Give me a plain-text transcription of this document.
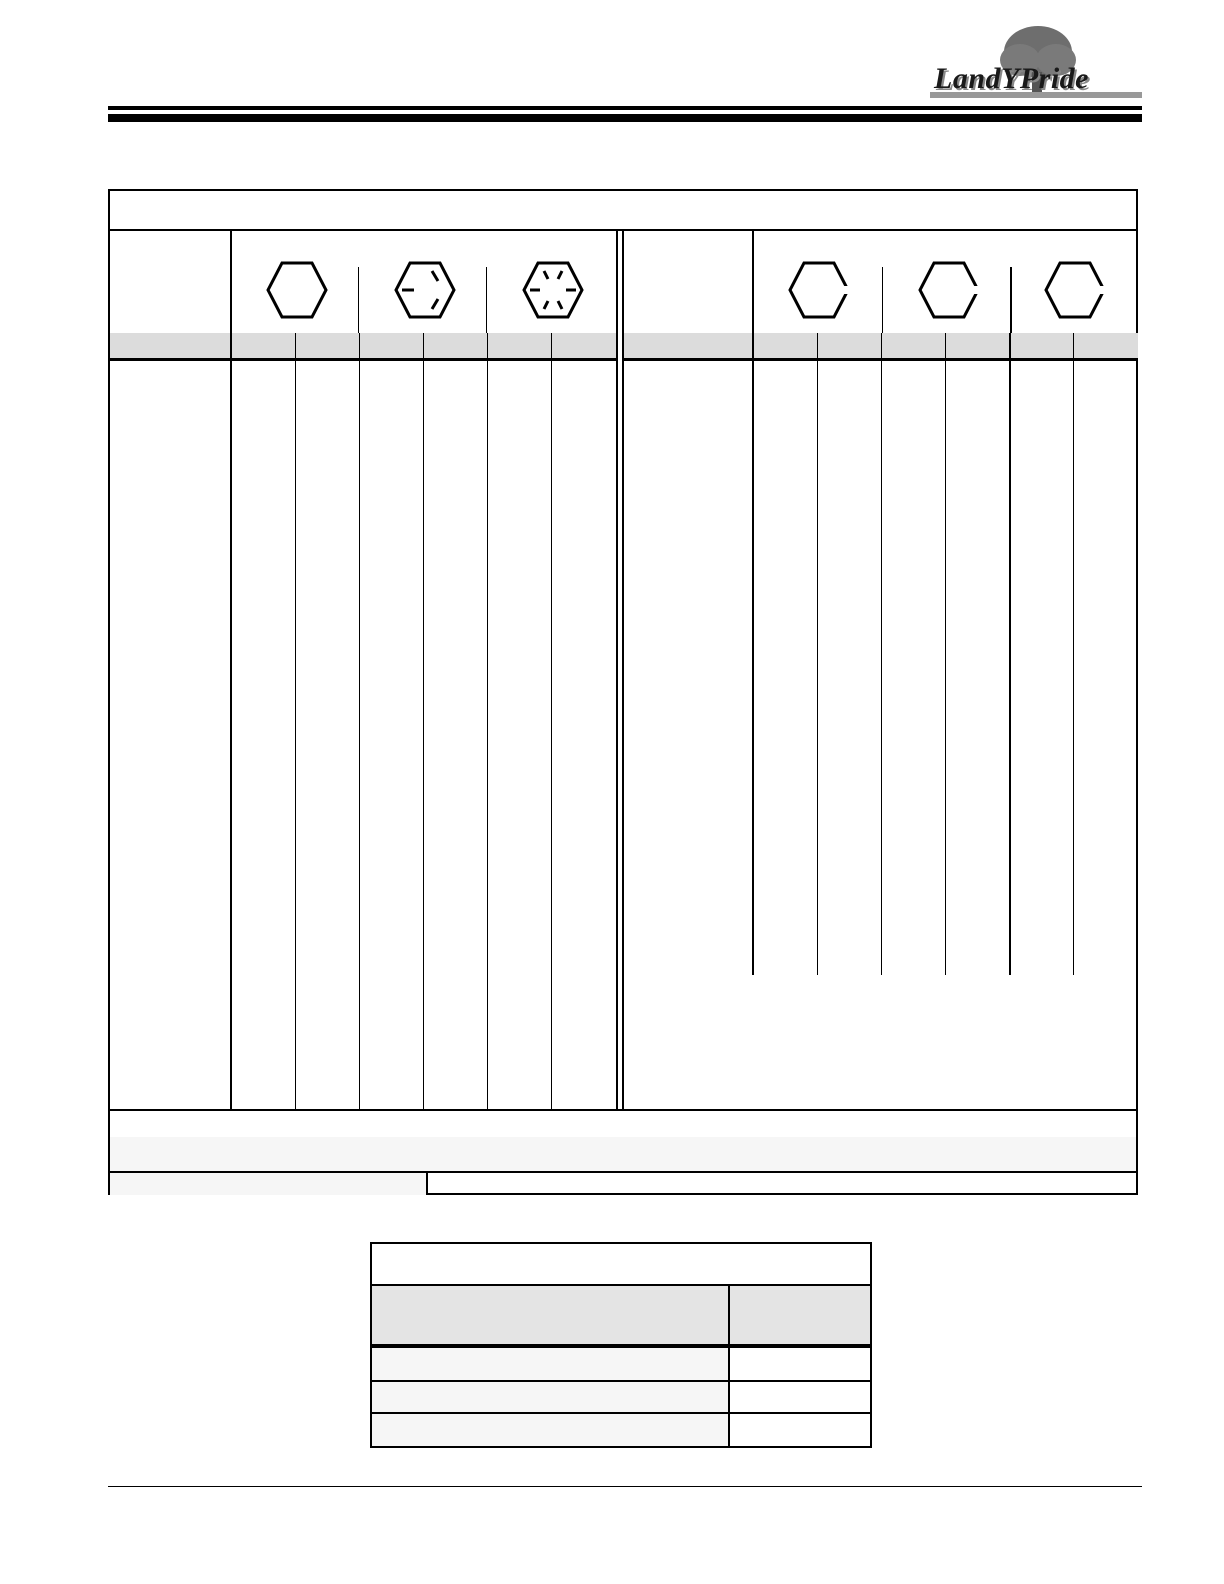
LandYPride
